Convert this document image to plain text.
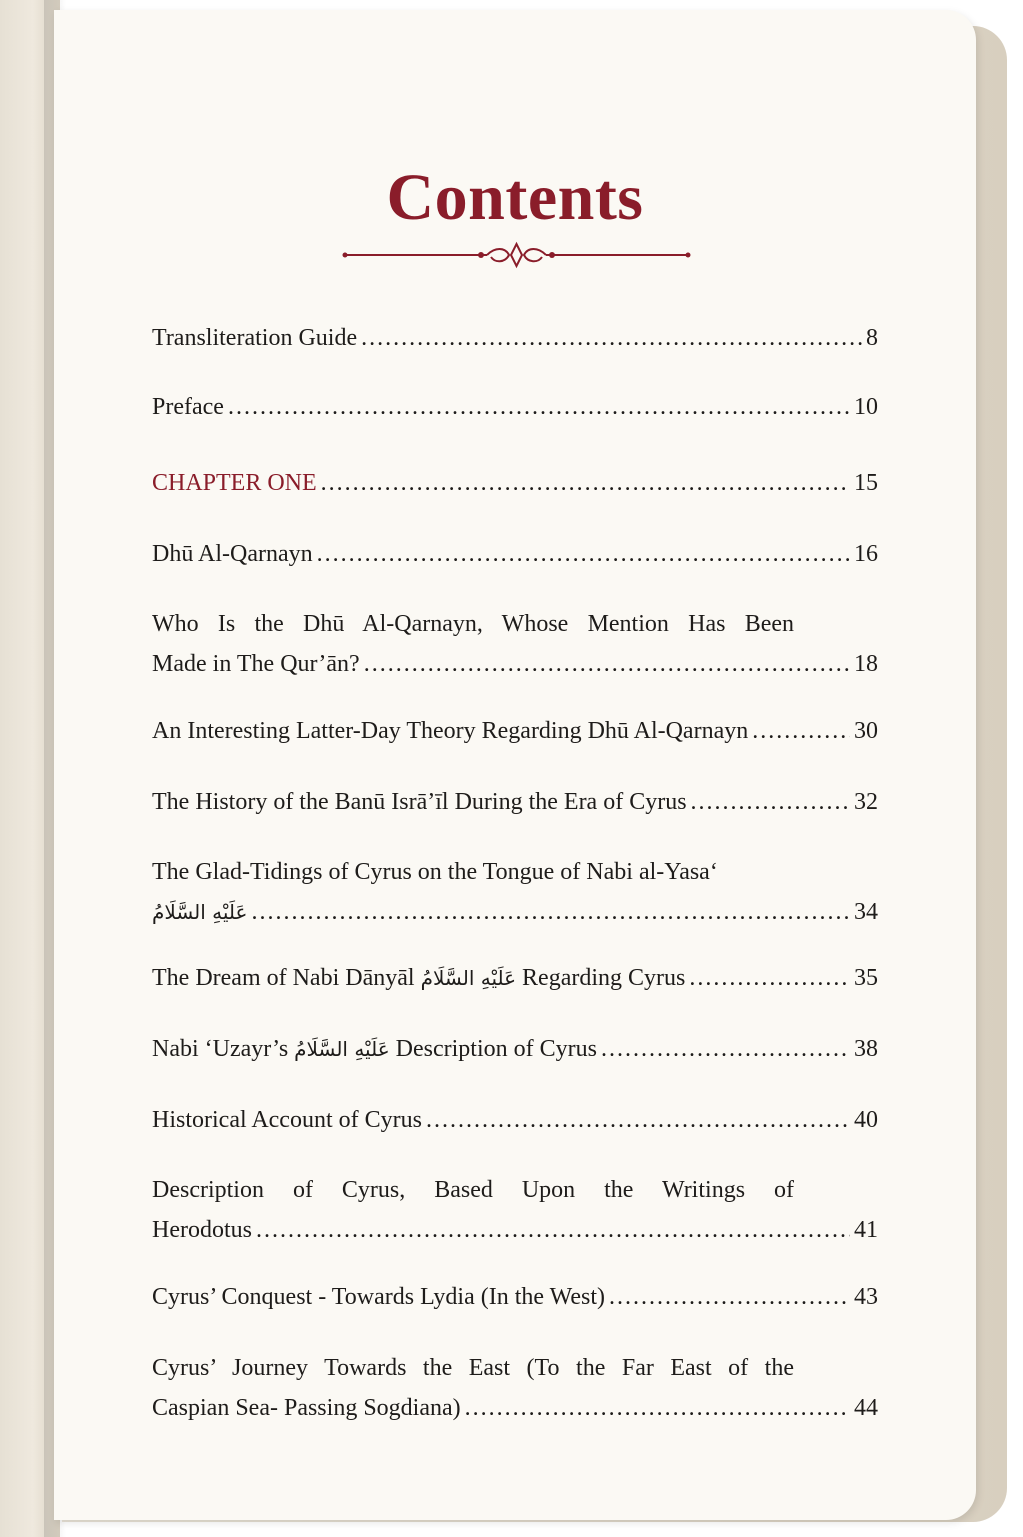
Contents
Transliteration Guide .....	8
Preface .....	10
CHAPTER ONE .....	15
Dhū Al-Qarnayn .....	16
Who Is the Dhū Al-Qarnayn, Whose Mention Has Been
Made in The Qur’ān? .....	18
An Interesting Latter-Day Theory Regarding Dhū Al-Qarnayn .....	30
The History of the Banū Isrā’īl During the Era of Cyrus .....	32
The Glad-Tidings of Cyrus on the Tongue of Nabi al-Yasa‘
عَلَيْهِ السَّلَامُ .....	34
The Dream of Nabi Dānyāl عَلَيْهِ السَّلَامُ Regarding Cyrus .....	35
Nabi ‘Uzayr’s عَلَيْهِ السَّلَامُ Description of Cyrus .....	38
Historical Account of Cyrus .....	40
Description of Cyrus, Based Upon the Writings of
Herodotus .....	41
Cyrus’ Conquest - Towards Lydia (In the West) .....	43
Cyrus’ Journey Towards the East (To the Far East of the
Caspian Sea- Passing Sogdiana) .....	44
